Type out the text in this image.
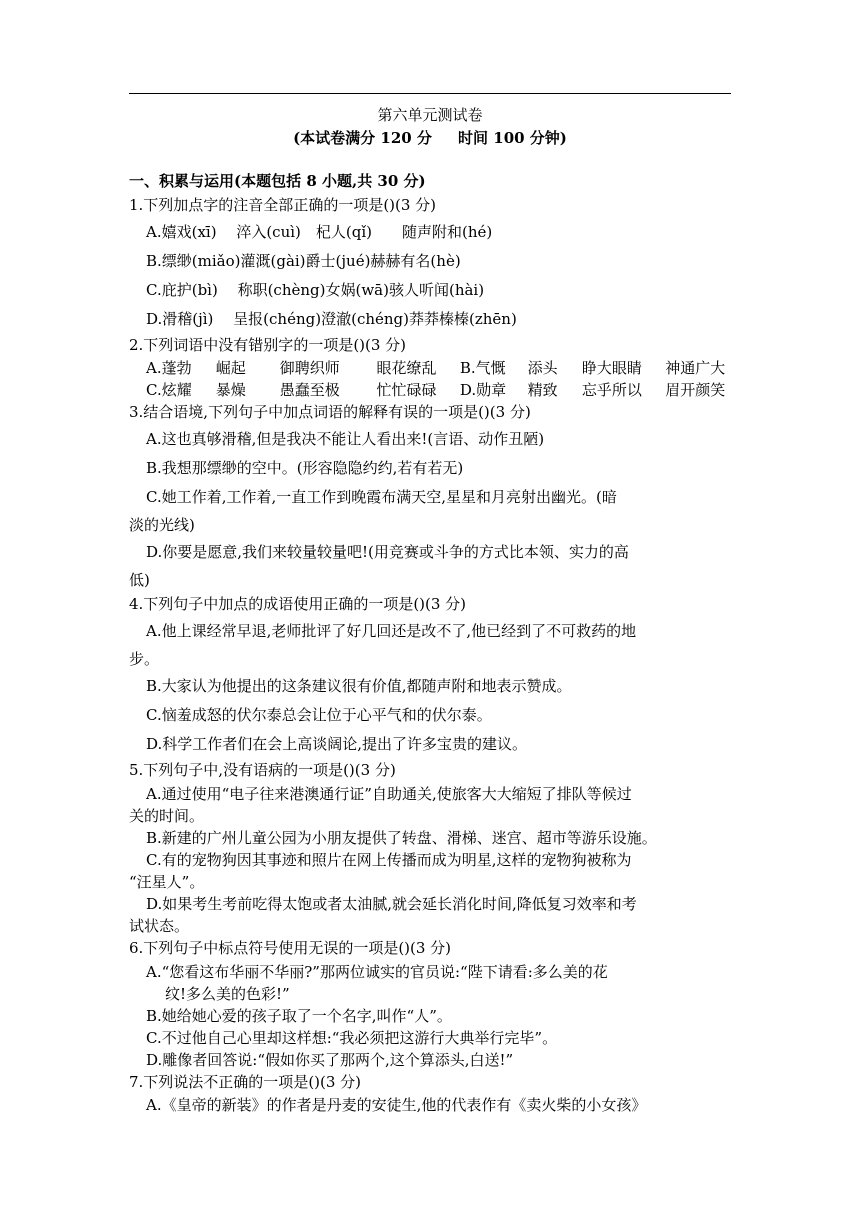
第六单元测试卷
(本试卷满分 120 分     时间 100 分钟)

一、积累与运用(本题包括 8 小题,共 30 分)

1.下列加点字的注音全部正确的一项是()(3 分)

A.嬉戏(xī)　 淬入(cuì)　杞人(qǐ)　　随声附和(hé)

B.缥缈(miǎo)灌溉(gài)爵士(jué)赫赫有名(hè)

C.庇护(bì)　 称职(chèng)女娲(wā)骇人听闻(hài)

D.滑稽(jì)　 呈报(chéng)澄澈(chéng)莽莽榛榛(zhēn)

2.下列词语中没有错别字的一项是()(3 分)

A.蓬勃	崛起	御聘织师	眼花缭乱	B.气慨	添头	睁大眼睛	神通广大
C.炫耀	暴燥	愚蠢至极	忙忙碌碌	D.勋章	精致	忘乎所以	眉开颜笑

3.结合语境,下列句子中加点词语的解释有误的一项是()(3 分)

A.这也真够滑稽,但是我决不能让人看出来!(言语、动作丑陋)

B.我想那缥缈的空中。(形容隐隐约约,若有若无)

C.她工作着,工作着,一直工作到晚霞布满天空,星星和月亮射出幽光。(暗

淡的光线)

D.你要是愿意,我们来较量较量吧!(用竞赛或斗争的方式比本领、实力的高

低)

4.下列句子中加点的成语使用正确的一项是()(3 分)

A.他上课经常早退,老师批评了好几回还是改不了,他已经到了不可救药的地

步。

B.大家认为他提出的这条建议很有价值,都随声附和地表示赞成。

C.恼羞成怒的伏尔泰总会让位于心平气和的伏尔泰。

D.科学工作者们在会上高谈阔论,提出了许多宝贵的建议。

5.下列句子中,没有语病的一项是()(3 分)

A.通过使用“电子往来港澳通行证”自助通关,使旅客大大缩短了排队等候过

关的时间。

B.新建的广州儿童公园为小朋友提供了转盘、滑梯、迷宫、超市等游乐设施。

C.有的宠物狗因其事迹和照片在网上传播而成为明星,这样的宠物狗被称为

“汪星人”。

D.如果考生考前吃得太饱或者太油腻,就会延长消化时间,降低复习效率和考

试状态。

6.下列句子中标点符号使用无误的一项是()(3 分)

A.“您看这布华丽不华丽?”那两位诚实的官员说:“陛下请看:多么美的花

纹!多么美的色彩!”

B.她给她心爱的孩子取了一个名字,叫作“人”。

C.不过他自己心里却这样想:“我必须把这游行大典举行完毕”。

D.雕像者回答说:“假如你买了那两个,这个算添头,白送!”

7.下列说法不正确的一项是()(3 分)

A.《皇帝的新装》的作者是丹麦的安徒生,他的代表作有《卖火柴的小女孩》
